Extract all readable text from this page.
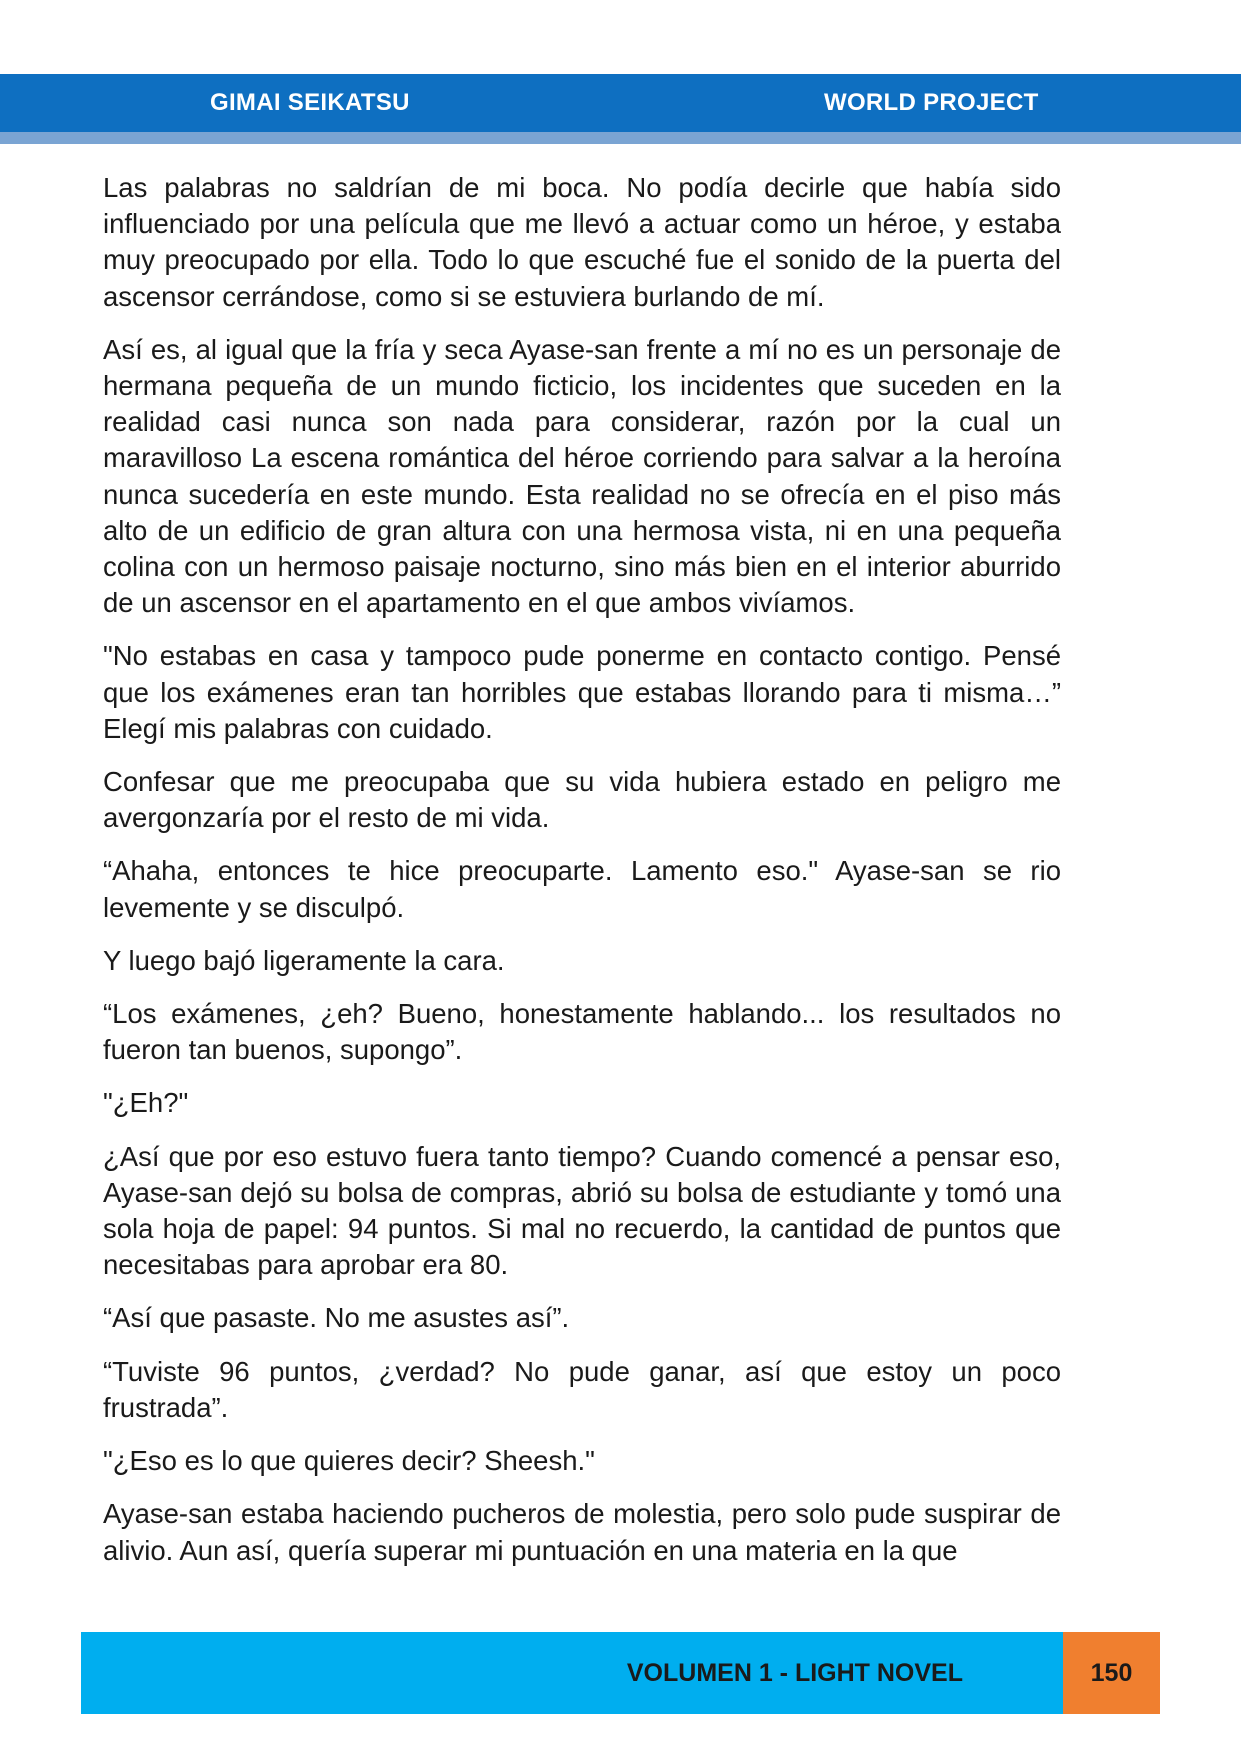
GIMAI SEIKATSU	WORLD PROJECT

Las palabras no saldrían de mi boca. No podía decirle que había sido influenciado por una película que me llevó a actuar como un héroe, y estaba muy preocupado por ella. Todo lo que escuché fue el sonido de la puerta del ascensor cerrándose, como si se estuviera burlando de mí.

Así es, al igual que la fría y seca Ayase-san frente a mí no es un personaje de hermana pequeña de un mundo ficticio, los incidentes que suceden en la realidad casi nunca son nada para considerar, razón por la cual un maravilloso La escena romántica del héroe corriendo para salvar a la heroína nunca sucedería en este mundo. Esta realidad no se ofrecía en el piso más alto de un edificio de gran altura con una hermosa vista, ni en una pequeña colina con un hermoso paisaje nocturno, sino más bien en el interior aburrido de un ascensor en el apartamento en el que ambos vivíamos.

"No estabas en casa y tampoco pude ponerme en contacto contigo. Pensé que los exámenes eran tan horribles que estabas llorando para ti misma…” Elegí mis palabras con cuidado.

Confesar que me preocupaba que su vida hubiera estado en peligro me avergonzaría por el resto de mi vida.

“Ahaha, entonces te hice preocuparte. Lamento eso." Ayase-san se rio levemente y se disculpó.

Y luego bajó ligeramente la cara.

“Los exámenes, ¿eh? Bueno, honestamente hablando... los resultados no fueron tan buenos, supongo”.

"¿Eh?"

¿Así que por eso estuvo fuera tanto tiempo? Cuando comencé a pensar eso, Ayase-san dejó su bolsa de compras, abrió su bolsa de estudiante y tomó una sola hoja de papel: 94 puntos. Si mal no recuerdo, la cantidad de puntos que necesitabas para aprobar era 80.

“Así que pasaste. No me asustes así”.

“Tuviste 96 puntos, ¿verdad? No pude ganar, así que estoy un poco frustrada”.

"¿Eso es lo que quieres decir? Sheesh."

Ayase-san estaba haciendo pucheros de molestia, pero solo pude suspirar de alivio. Aun así, quería superar mi puntuación en una materia en la que

VOLUMEN 1 - LIGHT NOVEL	150
